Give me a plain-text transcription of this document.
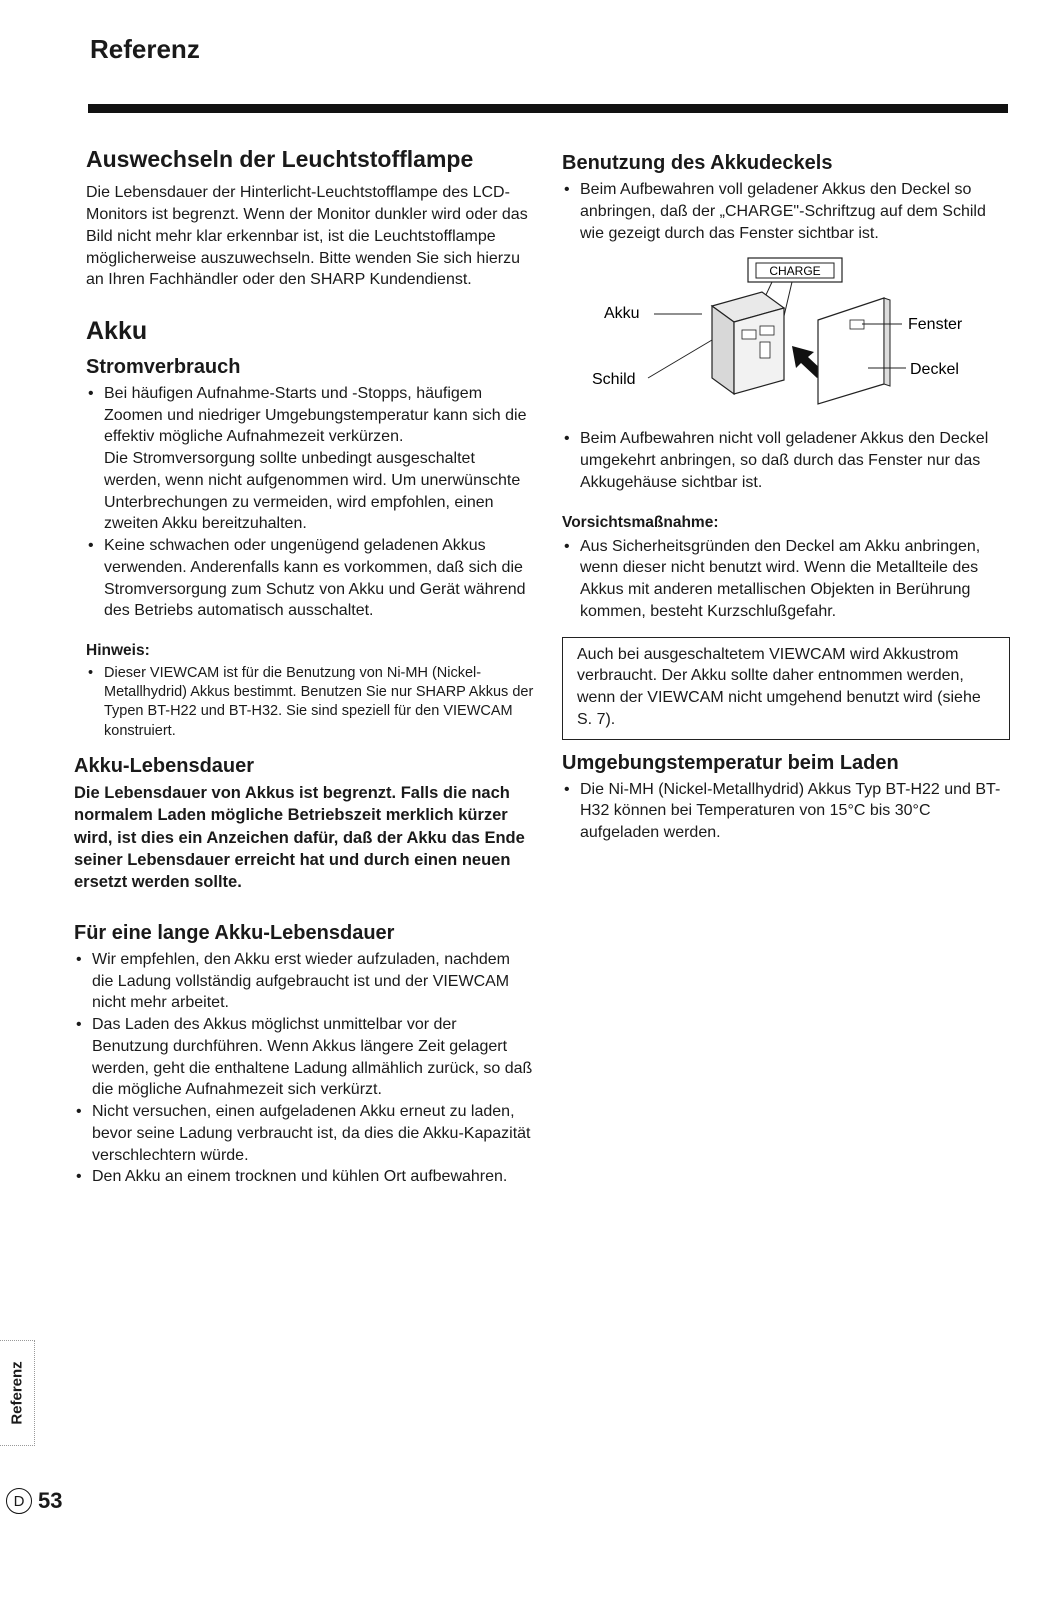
Referenz
Auswechseln der Leuchtstofflampe

Die Lebensdauer der Hinterlicht-Leuchtstofflampe des LCD-Monitors ist begrenzt. Wenn der Monitor dunkler wird oder das Bild nicht mehr klar erkennbar ist, ist die Leuchtstofflampe möglicherweise auszuwechseln. Bitte wenden Sie sich hierzu an Ihren Fachhändler oder den SHARP Kundendienst.

Akku
Stromverbrauch
• Bei häufigen Aufnahme-Starts und -Stopps, häufigem Zoomen und niedriger Umgebungstemperatur kann sich die effektiv mögliche Aufnahmezeit verkürzen.
Die Stromversorgung sollte unbedingt ausgeschaltet werden, wenn nicht aufgenommen wird. Um unerwünschte Unterbrechungen zu vermeiden, wird empfohlen, einen zweiten Akku bereitzuhalten.
• Keine schwachen oder ungenügend geladenen Akkus verwenden. Anderenfalls kann es vorkommen, daß sich die Stromversorgung zum Schutz von Akku und Gerät während des Betriebs automatisch ausschaltet.
Hinweis:
• Dieser VIEWCAM ist für die Benutzung von Ni-MH (Nickel-Metallhydrid) Akkus bestimmt. Benutzen Sie nur SHARP Akkus der Typen BT-H22 und BT-H32. Sie sind speziell für den VIEWCAM konstruiert.
Akku-Lebensdauer

Die Lebensdauer von Akkus ist begrenzt. Falls die nach normalem Laden mögliche Betriebszeit merklich kürzer wird, ist dies ein Anzeichen dafür, daß der Akku das Ende seiner Lebensdauer erreicht hat und durch einen neuen ersetzt werden sollte.

Für eine lange Akku-Lebensdauer
• Wir empfehlen, den Akku erst wieder aufzuladen, nachdem die Ladung vollständig aufgebraucht ist und der VIEWCAM nicht mehr arbeitet.
• Das Laden des Akkus möglichst unmittelbar vor der Benutzung durchführen. Wenn Akkus längere Zeit gelagert werden, geht die enthaltene Ladung allmählich zurück, so daß die mögliche Aufnahmezeit sich verkürzt.
• Nicht versuchen, einen aufgeladenen Akku erneut zu laden, bevor seine Ladung verbraucht ist, da dies die Akku-Kapazität verschlechtern würde.
• Den Akku an einem trocknen und kühlen Ort aufbewahren.
Benutzung des Akkudeckels
• Beim Aufbewahren voll geladener Akkus den Deckel so anbringen, daß der „CHARGE"-Schriftzug auf dem Schild wie gezeigt durch das Fenster sichtbar ist.
CHARGE
Akku
Schild
Fenster
Deckel
• Beim Aufbewahren nicht voll geladener Akkus den Deckel umgekehrt anbringen, so daß durch das Fenster nur das Akkugehäuse sichtbar ist.
Vorsichtsmaßnahme:
• Aus Sicherheitsgründen den Deckel am Akku anbringen, wenn dieser nicht benutzt wird. Wenn die Metallteile des Akkus mit anderen metallischen Objekten in Berührung kommen, besteht Kurzschlußgefahr.

Auch bei ausgeschaltetem VIEWCAM wird Akkustrom verbraucht. Der Akku sollte daher entnommen werden, wenn der VIEWCAM nicht umgehend benutzt wird (siehe S. 7).

Umgebungstemperatur beim Laden
• Die Ni-MH (Nickel-Metallhydrid) Akkus Typ BT-H22 und BT-H32 können bei Temperaturen von 15°C bis 30°C aufgeladen werden.
Referenz
D 53
